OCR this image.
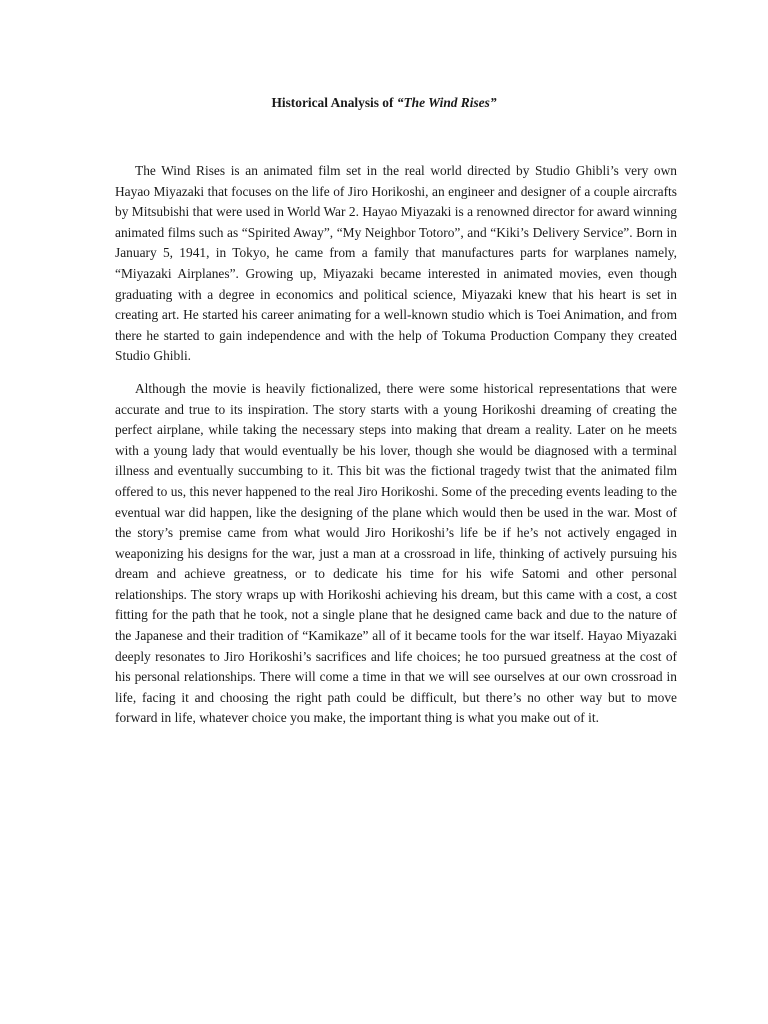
Historical Analysis of “The Wind Rises”

The Wind Rises is an animated film set in the real world directed by Studio Ghibli’s very own Hayao Miyazaki that focuses on the life of Jiro Horikoshi, an engineer and designer of a couple aircrafts by Mitsubishi that were used in World War 2. Hayao Miyazaki is a renowned director for award winning animated films such as “Spirited Away”, “My Neighbor Totoro”, and “Kiki’s Delivery Service”. Born in January 5, 1941, in Tokyo, he came from a family that manufactures parts for warplanes namely, “Miyazaki Airplanes”. Growing up, Miyazaki became interested in animated movies, even though graduating with a degree in economics and political science, Miyazaki knew that his heart is set in creating art. He started his career animating for a well-known studio which is Toei Animation, and from there he started to gain independence and with the help of Tokuma Production Company they created Studio Ghibli.

Although the movie is heavily fictionalized, there were some historical representations that were accurate and true to its inspiration. The story starts with a young Horikoshi dreaming of creating the perfect airplane, while taking the necessary steps into making that dream a reality. Later on he meets with a young lady that would eventually be his lover, though she would be diagnosed with a terminal illness and eventually succumbing to it. This bit was the fictional tragedy twist that the animated film offered to us, this never happened to the real Jiro Horikoshi. Some of the preceding events leading to the eventual war did happen, like the designing of the plane which would then be used in the war. Most of the story’s premise came from what would Jiro Horikoshi’s life be if he’s not actively engaged in weaponizing his designs for the war, just a man at a crossroad in life, thinking of actively pursuing his dream and achieve greatness, or to dedicate his time for his wife Satomi and other personal relationships. The story wraps up with Horikoshi achieving his dream, but this came with a cost, a cost fitting for the path that he took, not a single plane that he designed came back and due to the nature of the Japanese and their tradition of “Kamikaze” all of it became tools for the war itself. Hayao Miyazaki deeply resonates to Jiro Horikoshi’s sacrifices and life choices; he too pursued greatness at the cost of his personal relationships. There will come a time in that we will see ourselves at our own crossroad in life, facing it and choosing the right path could be difficult, but there’s no other way but to move forward in life, whatever choice you make, the important thing is what you make out of it.
